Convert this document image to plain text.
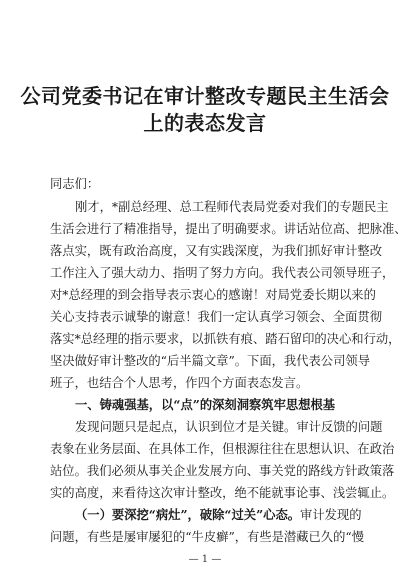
公司党委书记在审计整改专题民主生活会
上的表态发言

同志们：

刚才，*副总经理、总工程师代表局党委对我们的专题民主

生活会进行了精准指导，提出了明确要求。讲话站位高、把脉准、

落点实，既有政治高度，又有实践深度，为我们抓好审计整改

工作注入了强大动力、指明了努力方向。我代表公司领导班子，

对*总经理的到会指导表示衷心的感谢！对局党委长期以来的

关心支持表示诚挚的谢意！我们一定认真学习领会、全面贯彻

落实*总经理的指示要求，以抓铁有痕、踏石留印的决心和行动，

坚决做好审计整改的“后半篇文章”。下面，我代表公司领导

班子，也结合个人思考，作四个方面表态发言。

一、铸魂强基，以“点”的深刻洞察筑牢思想根基

发现问题只是起点，认识到位才是关键。审计反馈的问题

表象在业务层面、在具体工作，但根源往往在思想认识、在政治

站位。我们必须从事关企业发展方向、事关党的路线方针政策落

实的高度，来看待这次审计整改，绝不能就事论事、浅尝辄止。

（一）要深挖“病灶”，破除“过关”心态。审计发现的

问题，有些是屡审屡犯的“牛皮癣”，有些是潜藏已久的“慢

— 1 —
